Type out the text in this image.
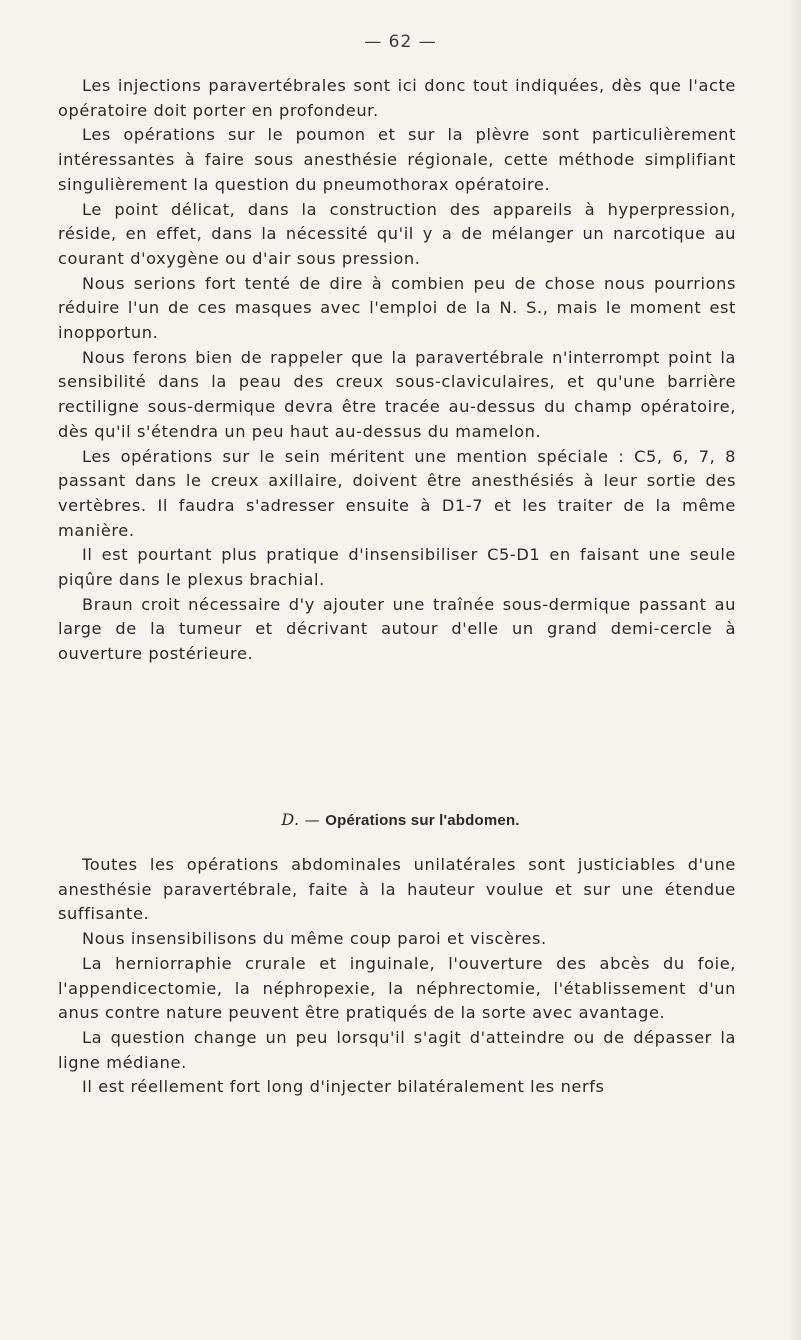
— 62 —

Les injections paravertébrales sont ici donc tout indiquées, dès que l'acte opératoire doit porter en profondeur.

Les opérations sur le poumon et sur la plèvre sont particulièrement intéressantes à faire sous anesthésie régionale, cette méthode simplifiant singulièrement la question du pneumothorax opératoire.

Le point délicat, dans la construction des appareils à hyperpression, réside, en effet, dans la nécessité qu'il y a de mélanger un narcotique au courant d'oxygène ou d'air sous pression.

Nous serions fort tenté de dire à combien peu de chose nous pourrions réduire l'un de ces masques avec l'emploi de la N. S., mais le moment est inopportun.

Nous ferons bien de rappeler que la paravertébrale n'interrompt point la sensibilité dans la peau des creux sous-claviculaires, et qu'une barrière rectiligne sous-dermique devra être tracée au-dessus du champ opératoire, dès qu'il s'étendra un peu haut au-dessus du mamelon.

Les opérations sur le sein méritent une mention spéciale : C5, 6, 7, 8 passant dans le creux axillaire, doivent être anesthésiés à leur sortie des vertèbres. Il faudra s'adresser ensuite à D1-7 et les traiter de la même manière.

Il est pourtant plus pratique d'insensibiliser C5-D1 en faisant une seule piqûre dans le plexus brachial.

Braun croit nécessaire d'y ajouter une traînée sous-dermique passant au large de la tumeur et décrivant autour d'elle un grand demi-cercle à ouverture postérieure.

D. — Opérations sur l'abdomen.

Toutes les opérations abdominales unilatérales sont justiciables d'une anesthésie paravertébrale, faite à la hauteur voulue et sur une étendue suffisante.

Nous insensibilisons du même coup paroi et viscères.

La herniorraphie crurale et inguinale, l'ouverture des abcès du foie, l'appendicectomie, la néphropexie, la néphrectomie, l'établissement d'un anus contre nature peuvent être pratiqués de la sorte avec avantage.

La question change un peu lorsqu'il s'agit d'atteindre ou de dépasser la ligne médiane.

Il est réellement fort long d'injecter bilatéralement les nerfs
